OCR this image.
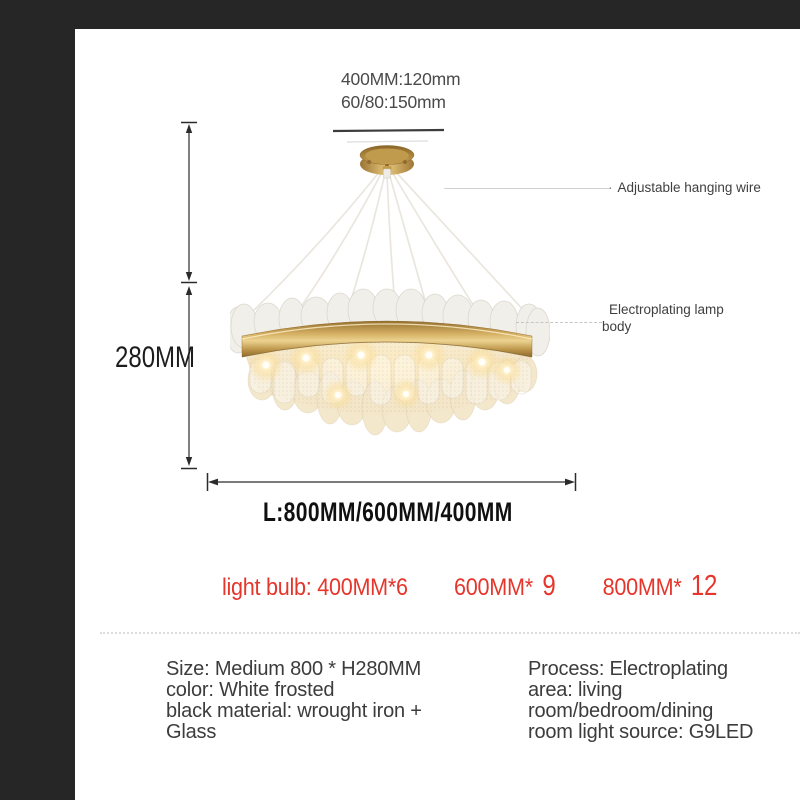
400MM:120mm
60/80:150mm
280MM
· Adjustable hanging wire
Electroplating lamp body
L:800MM/600MM/400MM
light bulb: 400MM*6 600MM* 9 800MM* 12
Size: Medium 800 * H280MM
color: White frosted
black material: wrought iron +
Glass
Process: Electroplating
area: living
room/bedroom/dining
room light source: G9LED
